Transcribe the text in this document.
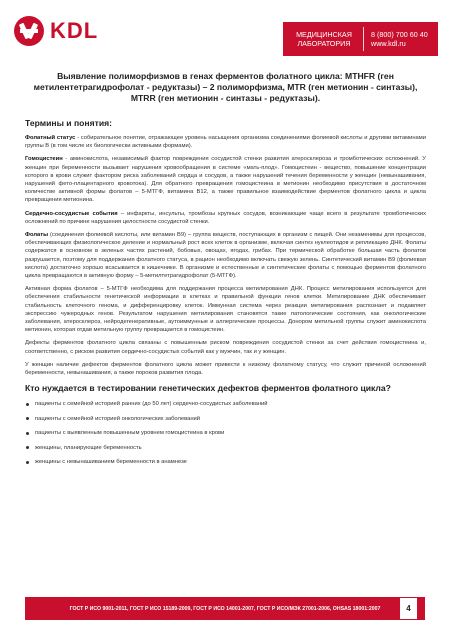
KDL	МЕДИЦИНСКАЯ
ЛАБОРАТОРИЯ
8 (800) 700 60 40
www.kdl.ru
Выявление полиморфизмов в генах ферментов фолатного цикла: MTHFR (ген метилентетрагидрофолат - редуктазы) – 2 полиморфизма, MTR (ген метионин - синтазы), MTRR (ген метионин - синтазы - редуктазы).
Термины и понятия:

Фолатный статус - собирательное понятие, отражающее уровень насыщения организма соединениями фолиевой кислоты и другими витаминами группы B (в том числе их биологически активными формами).

Гомоцистеин - аминокислота, независимый фактор повреждения сосудистой стенки развития атеросклероза и тромботических осложнений. У женщин при беременности вызывает нарушения кровообращения в системе «мать-плод». Гомоцистеин - вещество, повышение концентрации которого в крови служит фактором риска заболеваний сердца и сосудов, а также нарушений течения беременности у женщин (невынашивания, нарушений фето-плацентарного кровотока). Для обратного превращения гомоцистеина в метионин необходимо присутствия в достаточном количестве активной формы фолатов – 5-МТГФ, витамина B12, а также правильное взаимодействие ферментов фолатного цикла и цикла превращения метионина.

Сердечно-сосудистые события – инфаркты, инсульты, тромбозы крупных сосудов, возникающие чаще всего в результате тромботических осложнений по причине нарушения целостности сосудистой стенки.

Фолаты (соединения фолиевой кислоты, или витамин B9) – группа веществ, поступающих в организм с пищей. Они незаменимы для процессов, обеспечивающих физиологическое деление и нормальный рост всех клеток в организме, включая синтез нуклеотидов и репликацию ДНК. Фолаты содержатся в основном в зеленых частях растений, бобовых, овощах, ягодах, грибах. При термической обработке большая часть фолатов разрушается, поэтому для поддержания фолатного статуса, в рацион необходимо включать свежую зелень. Синтетический витамин B9 (фолиевая кислота) достаточно хорошо всасывается в кишечнике. В организме и естественные и синтетические фолаты с помощью ферментов фолатного цикла превращаются в активную форму – 5-метилтетрагидрофолат (5-МТГФ).

Активная форма фолатов – 5-МТГФ необходима для поддержания процесса метилирования ДНК. Процесс метилирования используется для обеспечения стабильности генетической информации в клетках и правильной функции генов клетки. Метилирование ДНК обеспечивает стабильность клеточного генома, и дифференцировку клеток. Иммунная система через реакции метилирования распознает и подавляет экспрессию чужеродных генов. Результатом нарушения метилирования становятся такие патологические состояния, как онкологические заболевания, атеросклероз, нейродегенеративные, аутоиммунные и аллергические процессы. Донором метильной группы служит аминокислота метионин, которая отдав метильную группу превращается в гомоцистеин.

Дефекты ферментов фолатного цикла связаны с повышенным риском повреждения сосудистой стенки за счет действия гомоцистеина и, соответственно, с риском развития сердечно-сосудистых событий как у мужчин, так и у женщин.

У женщин наличие дефектов ферментов фолатного цикла может привести к низкому фолатному статусу, что служит причиной осложнений беременности, невынашивания, а также пороков развития плода.

Кто нуждается в тестировании генетических дефектов ферментов фолатного цикла?
пациенты с семейной историей ранних (до 50 лет) сердечно-сосудистых заболеваний
пациенты с семейной историей онкологических заболеваний
пациенты с выявленным повышенным уровнем гомоцистеина в крови
женщины, планирующие беременность
женщины с невынашиванием беременности в анамнезе
ГОСТ Р ИСО 9001-2011, ГОСТ Р ИСО 15189-2009, ГОСТ Р ИСО 14001-2007, ГОСТ Р ИСО/МЭК 27001-2006, OHSAS 18001:2007	4
